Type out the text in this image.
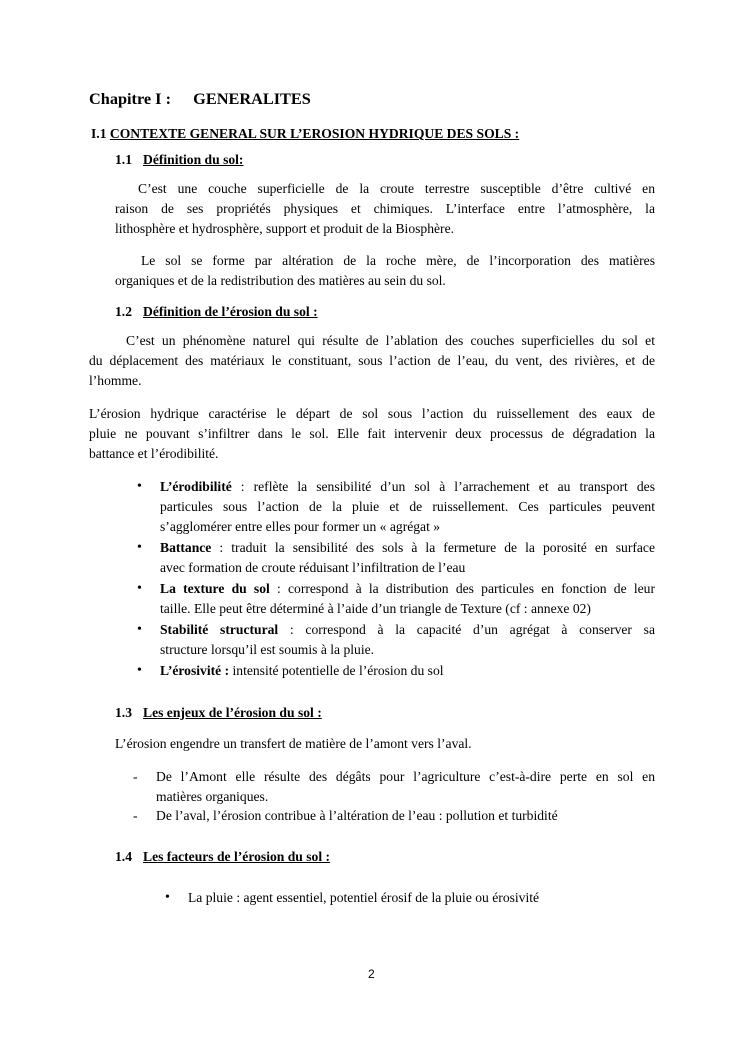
Chapitre I : GENERALITES
I.1 CONTEXTE GENERAL SUR L’EROSION HYDRIQUE DES SOLS :
1.1 Définition du sol:
C’est une couche superficielle de la croute terrestre susceptible d’être cultivé en
raison de ses propriétés physiques et chimiques. L’interface entre l’atmosphère, la
lithosphère et hydrosphère, support et produit de la Biosphère.
Le sol se forme par altération de la roche mère, de l’incorporation des matières
organiques et de la redistribution des matières au sein du sol.
1.2 Définition de l’érosion du sol :
C’est un phénomène naturel qui résulte de l’ablation des couches superficielles du sol et
du déplacement des matériaux le constituant, sous l’action de l’eau, du vent, des rivières, et de
l’homme.
L’érosion hydrique caractérise le départ de sol sous l’action du ruissellement des eaux de
pluie ne pouvant s’infiltrer dans le sol. Elle fait intervenir deux processus de dégradation la
battance et l’érodibilité.
• L’érodibilité : reflète la sensibilité d’un sol à l’arrachement et au transport des
particules sous l’action de la pluie et de ruissellement. Ces particules peuvent
s’agglomérer entre elles pour former un « agrégat »
• Battance : traduit la sensibilité des sols à la fermeture de la porosité en surface
avec formation de croute réduisant l’infiltration de l’eau
• La texture du sol : correspond à la distribution des particules en fonction de leur
taille. Elle peut être déterminé à l’aide d’un triangle de Texture (cf : annexe 02)
• Stabilité structural : correspond à la capacité d’un agrégat à conserver sa
structure lorsqu’il est soumis à la pluie.
• L’érosivité : intensité potentielle de l’érosion du sol
1.3 Les enjeux de l’érosion du sol :
L’érosion engendre un transfert de matière de l’amont vers l’aval.
- De l’Amont elle résulte des dégâts pour l’agriculture c’est-à-dire perte en sol en
matières organiques.
- De l’aval, l’érosion contribue à l’altération de l’eau : pollution et turbidité
1.4 Les facteurs de l’érosion du sol :
• La pluie : agent essentiel, potentiel érosif de la pluie ou érosivité
2
